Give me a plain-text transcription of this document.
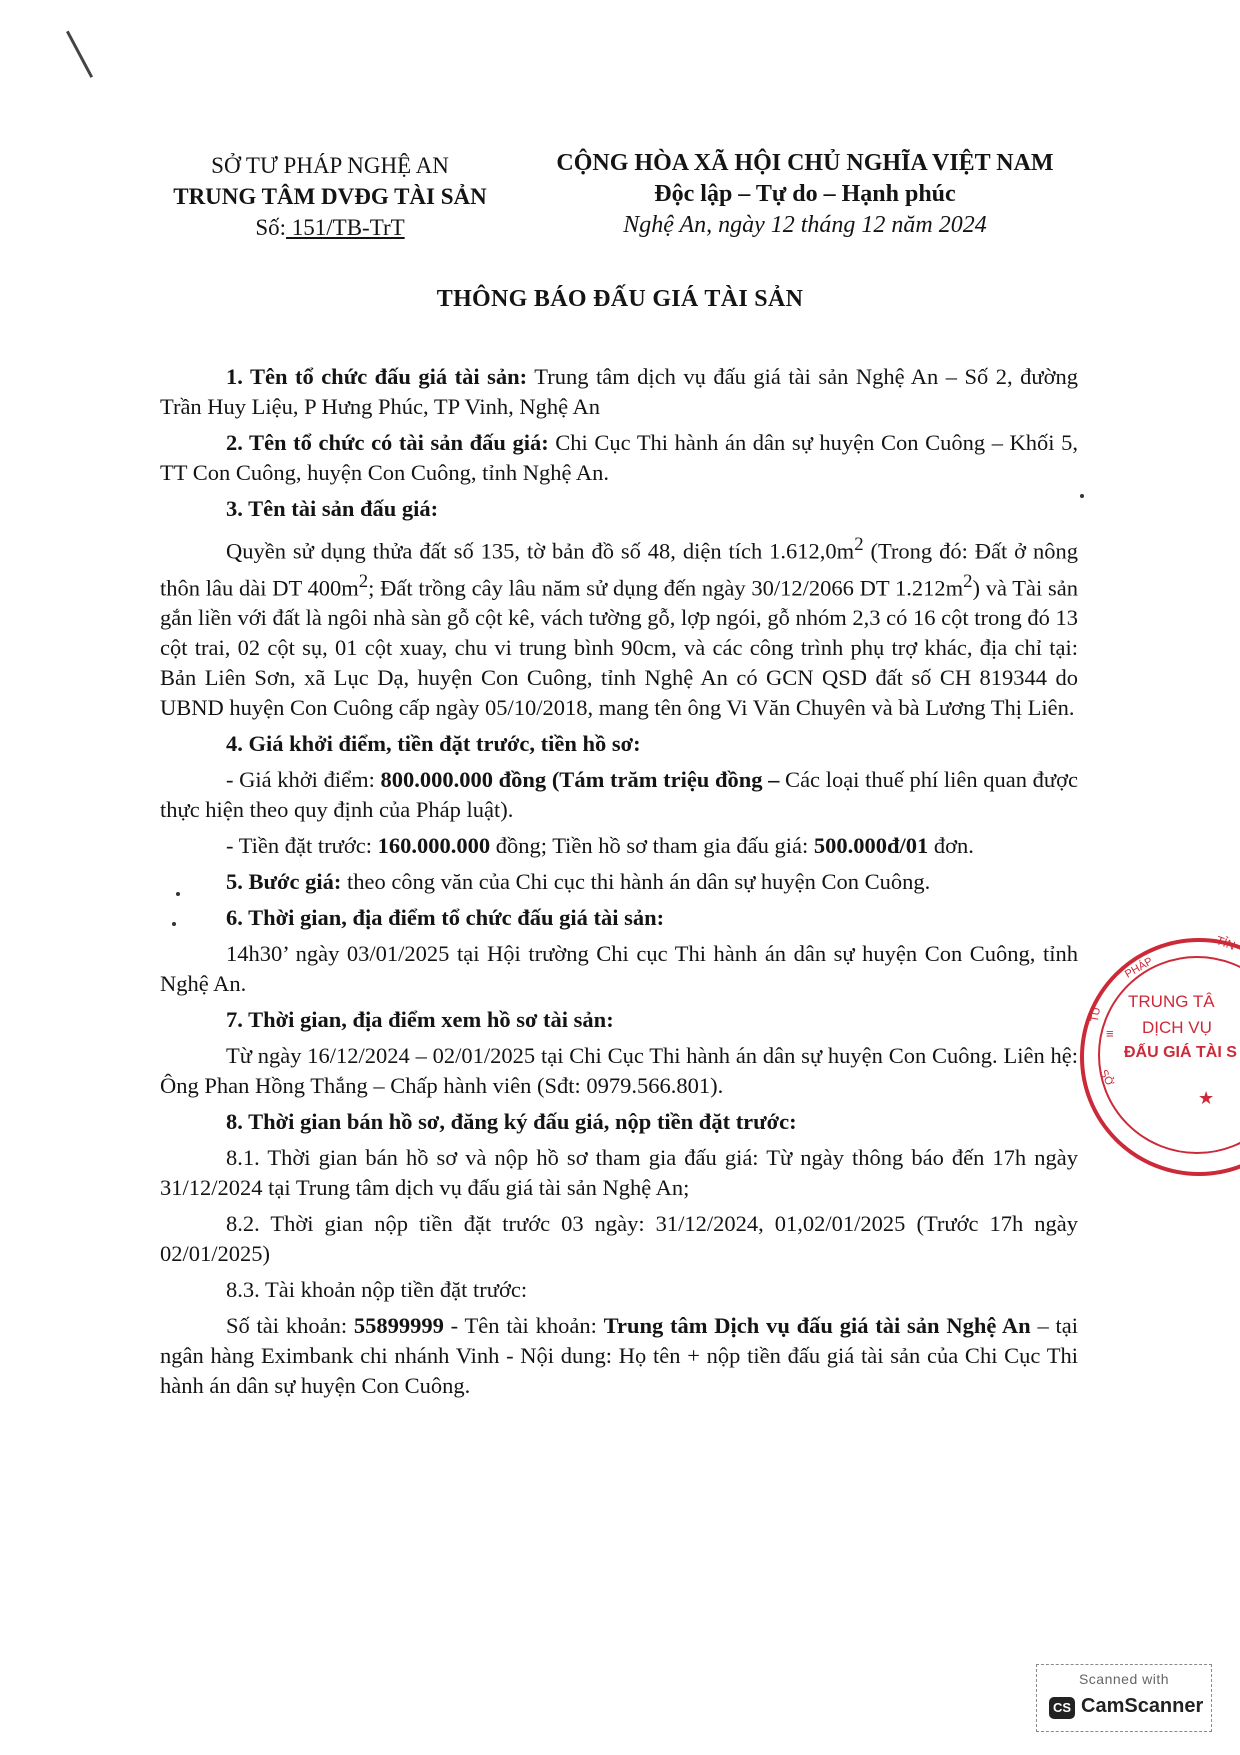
SỞ TƯ PHÁP NGHỆ AN
TRUNG TÂM DVĐG TÀI SẢN
Số: 151/TB-TrT
CỘNG HÒA XÃ HỘI CHỦ NGHĨA VIỆT NAM
Độc lập – Tự do – Hạnh phúc
Nghệ An, ngày 12 tháng 12 năm 2024
THÔNG BÁO ĐẤU GIÁ TÀI SẢN

1. Tên tổ chức đấu giá tài sản: Trung tâm dịch vụ đấu giá tài sản Nghệ An – Số 2, đường Trần Huy Liệu, P Hưng Phúc, TP Vinh, Nghệ An

2. Tên tổ chức có tài sản đấu giá: Chi Cục Thi hành án dân sự huyện Con Cuông – Khối 5, TT Con Cuông, huyện Con Cuông, tỉnh Nghệ An.

3. Tên tài sản đấu giá:

Quyền sử dụng thửa đất số 135, tờ bản đồ số 48, diện tích $1.612,0m^2$ (Trong đó: Đất ở nông thôn lâu dài DT $400m^2$; Đất trồng cây lâu năm sử dụng đến ngày 30/12/2066 DT $1.212m^2$) và Tài sản gắn liền với đất là ngôi nhà sàn gỗ cột kê, vách tường gỗ, lợp ngói, gỗ nhóm 2,3 có 16 cột trong đó 13 cột trai, 02 cột sụ, 01 cột xuay, chu vi trung bình 90cm, và các công trình phụ trợ khác, địa chỉ tại: Bản Liên Sơn, xã Lục Dạ, huyện Con Cuông, tỉnh Nghệ An có GCN QSD đất số CH 819344 do UBND huyện Con Cuông cấp ngày 05/10/2018, mang tên ông Vi Văn Chuyên và bà Lương Thị Liên.

4. Giá khởi điểm, tiền đặt trước, tiền hồ sơ:

- Giá khởi điểm: 800.000.000 đồng (Tám trăm triệu đồng – Các loại thuế phí liên quan được thực hiện theo quy định của Pháp luật).

- Tiền đặt trước: 160.000.000 đồng; Tiền hồ sơ tham gia đấu giá: 500.000đ/01 đơn.

5. Bước giá: theo công văn của Chi cục thi hành án dân sự huyện Con Cuông.

6. Thời gian, địa điểm tổ chức đấu giá tài sản:

14h30’ ngày 03/01/2025 tại Hội trường Chi cục Thi hành án dân sự huyện Con Cuông, tỉnh Nghệ An.

7. Thời gian, địa điểm xem hồ sơ tài sản:

Từ ngày 16/12/2024 – 02/01/2025 tại Chi Cục Thi hành án dân sự huyện Con Cuông. Liên hệ: Ông Phan Hồng Thắng – Chấp hành viên (Sđt: 0979.566.801).

8. Thời gian bán hồ sơ, đăng ký đấu giá, nộp tiền đặt trước:

8.1. Thời gian bán hồ sơ và nộp hồ sơ tham gia đấu giá: Từ ngày thông báo đến 17h ngày 31/12/2024 tại Trung tâm dịch vụ đấu giá tài sản Nghệ An;

8.2. Thời gian nộp tiền đặt trước 03 ngày: 31/12/2024, 01,02/01/2025 (Trước 17h ngày 02/01/2025)

8.3. Tài khoản nộp tiền đặt trước:

Số tài khoản: 55899999 - Tên tài khoản: Trung tâm Dịch vụ đấu giá tài sản Nghệ An – tại ngân hàng Eximbank chi nhánh Vinh - Nội dung: Họ tên + nộp tiền đấu giá tài sản của Chi Cục Thi hành án dân sự huyện Con Cuông.

PHÁP
TỈN
TƯ
SỞ
≡
TRUNG TÂ
DỊCH VỤ
ĐẤU GIÁ TÀI S
★
Scanned with
CS CamScanner
